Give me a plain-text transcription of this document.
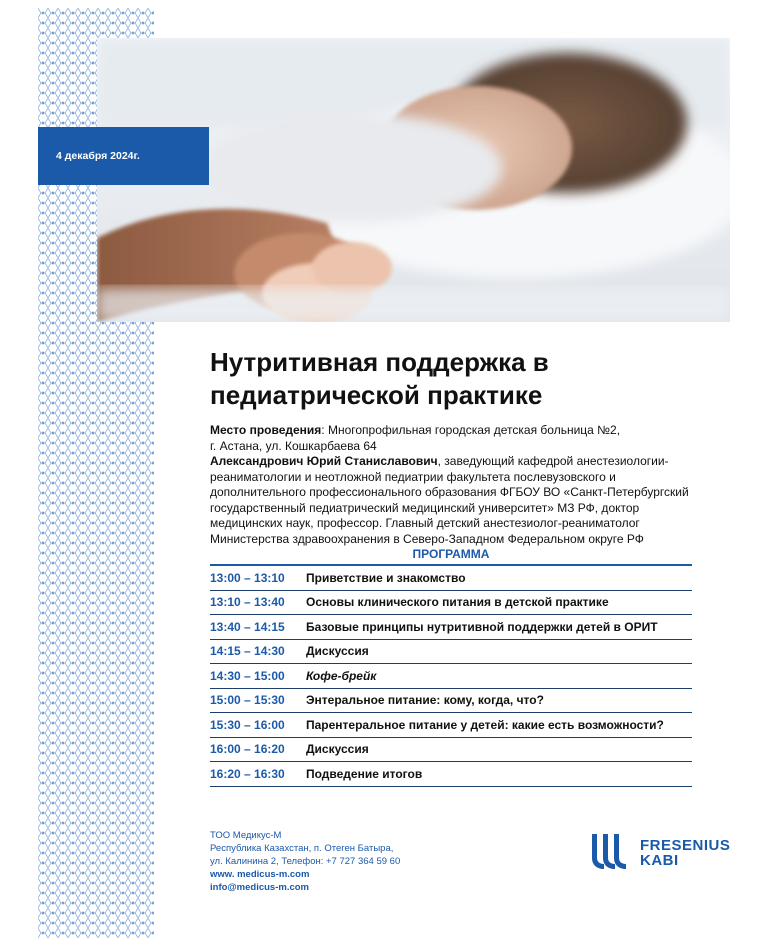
4 декабря 2024г.
Нутритивная поддержка в
педиатрической практике
Место проведения: Многопрофильная городская детская больница №2,
г. Астана, ул. Кошкарбаева 64
Александрович Юрий Станиславович, заведующий кафедрой анестезиологии-
реаниматологии и неотложной педиатрии факультета послевузовского и
дополнительного профессионального образования ФГБОУ ВО «Санкт-Петербургский
государственный педиатрический медицинский университет» МЗ РФ, доктор
медицинских наук, профессор. Главный детский анестезиолог-реаниматолог
Министерства здравоохранения в Северо-Западном Федеральном округе РФ
ПРОГРАММА
13:00 – 13:10	Приветствие и знакомство
13:10 – 13:40	Основы клинического питания в детской практике
13:40 – 14:15	Базовые принципы нутритивной поддержки детей в ОРИТ
14:15 – 14:30	Дискуссия
14:30 – 15:00	Кофе-брейк
15:00 – 15:30	Энтеральное питание: кому, когда, что?
15:30 – 16:00	Парентеральное питание у детей: какие есть возможности?
16:00 – 16:20	Дискуссия
16:20 – 16:30	Подведение итогов
ТОО Медикус-М
Республика Казахстан, п. Отеген Батыра,
ул. Калинина 2, Телефон: +7 727 364 59 60
www. medicus-m.com
info@medicus-m.com
FRESENIUS
KABI
